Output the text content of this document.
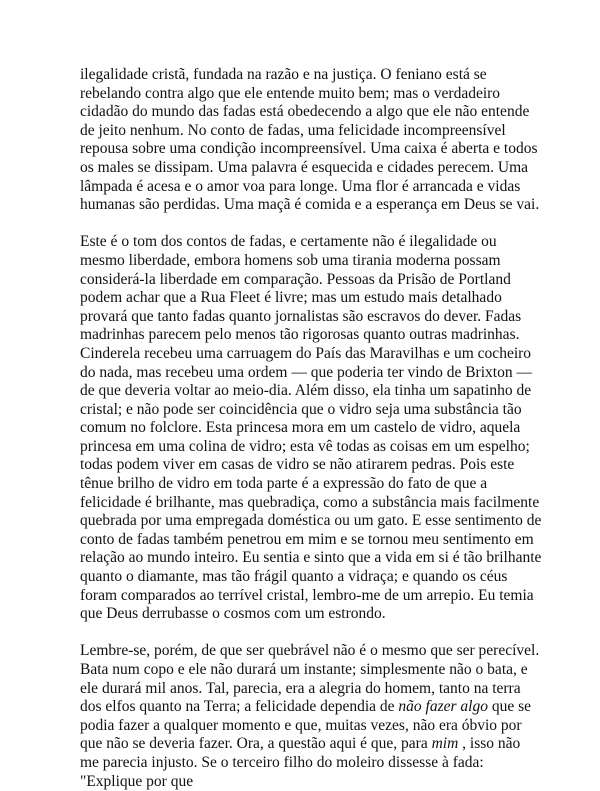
ilegalidade cristã, fundada na razão e na justiça. O feniano está se rebelando contra algo que ele entende muito bem; mas o verdadeiro cidadão do mundo das fadas está obedecendo a algo que ele não entende de jeito nenhum. No conto de fadas, uma felicidade incompreensível repousa sobre uma condição incompreensível. Uma caixa é aberta e todos os males se dissipam. Uma palavra é esquecida e cidades perecem. Uma lâmpada é acesa e o amor voa para longe. Uma flor é arrancada e vidas humanas são perdidas. Uma maçã é comida e a esperança em Deus se vai.

Este é o tom dos contos de fadas, e certamente não é ilegalidade ou mesmo liberdade, embora homens sob uma tirania moderna possam considerá-la liberdade em comparação. Pessoas da Prisão de Portland podem achar que a Rua Fleet é livre; mas um estudo mais detalhado provará que tanto fadas quanto jornalistas são escravos do dever. Fadas madrinhas parecem pelo menos tão rigorosas quanto outras madrinhas. Cinderela recebeu uma carruagem do País das Maravilhas e um cocheiro do nada, mas recebeu uma ordem — que poderia ter vindo de Brixton — de que deveria voltar ao meio-dia. Além disso, ela tinha um sapatinho de cristal; e não pode ser coincidência que o vidro seja uma substância tão comum no folclore. Esta princesa mora em um castelo de vidro, aquela princesa em uma colina de vidro; esta vê todas as coisas em um espelho; todas podem viver em casas de vidro se não atirarem pedras. Pois este tênue brilho de vidro em toda parte é a expressão do fato de que a felicidade é brilhante, mas quebradiça, como a substância mais facilmente quebrada por uma empregada doméstica ou um gato. E esse sentimento de conto de fadas também penetrou em mim e se tornou meu sentimento em relação ao mundo inteiro. Eu sentia e sinto que a vida em si é tão brilhante quanto o diamante, mas tão frágil quanto a vidraça; e quando os céus foram comparados ao terrível cristal, lembro-me de um arrepio. Eu temia que Deus derrubasse o cosmos com um estrondo.

Lembre-se, porém, de que ser quebrável não é o mesmo que ser perecível. Bata num copo e ele não durará um instante; simplesmente não o bata, e ele durará mil anos. Tal, parecia, era a alegria do homem, tanto na terra dos elfos quanto na Terra; a felicidade dependia de não fazer algo que se podia fazer a qualquer momento e que, muitas vezes, não era óbvio por que não se deveria fazer. Ora, a questão aqui é que, para mim , isso não me parecia injusto. Se o terceiro filho do moleiro dissesse à fada: "Explique por que
